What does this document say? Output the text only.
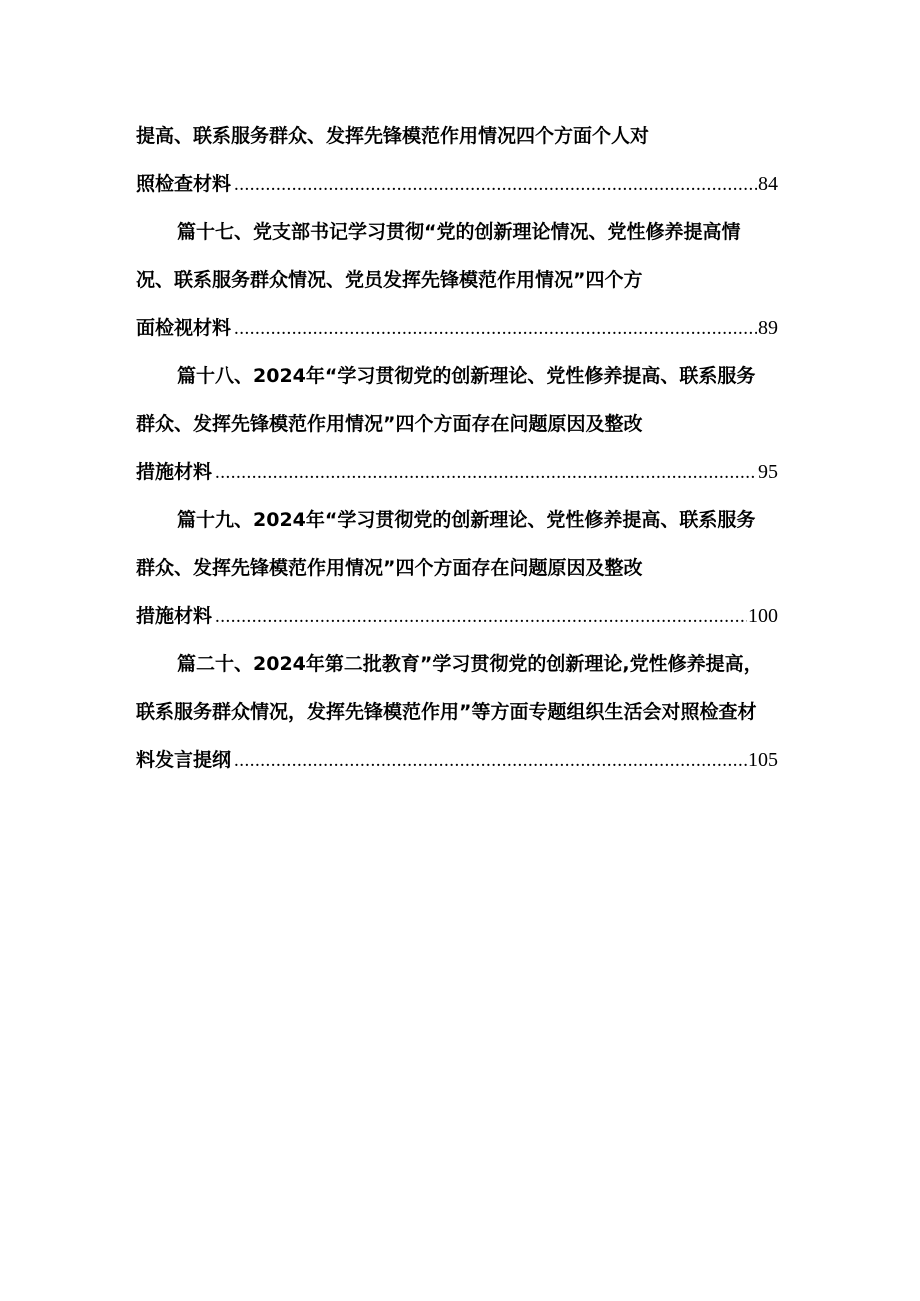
提高、联系服务群众、发挥先锋模范作用情况四个方面个人对
照检查材料 .....	84
篇十七、党支部书记学习贯彻“党的创新理论情况、党性修养提高情
况、联系服务群众情况、党员发挥先锋模范作用情况”四个方
面检视材料 .....	89
篇十八、2024年“学习贯彻党的创新理论、党性修养提高、联系服务
群众、发挥先锋模范作用情况”四个方面存在问题原因及整改
措施材料 .....	95
篇十九、2024年“学习贯彻党的创新理论、党性修养提高、联系服务
群众、发挥先锋模范作用情况”四个方面存在问题原因及整改
措施材料 .....	100
篇二十、2024年第二批教育”学习贯彻党的创新理论,党性修养提高，
联系服务群众情况，发挥先锋模范作用”等方面专题组织生活会对照检查材
料发言提纲 .....	105
